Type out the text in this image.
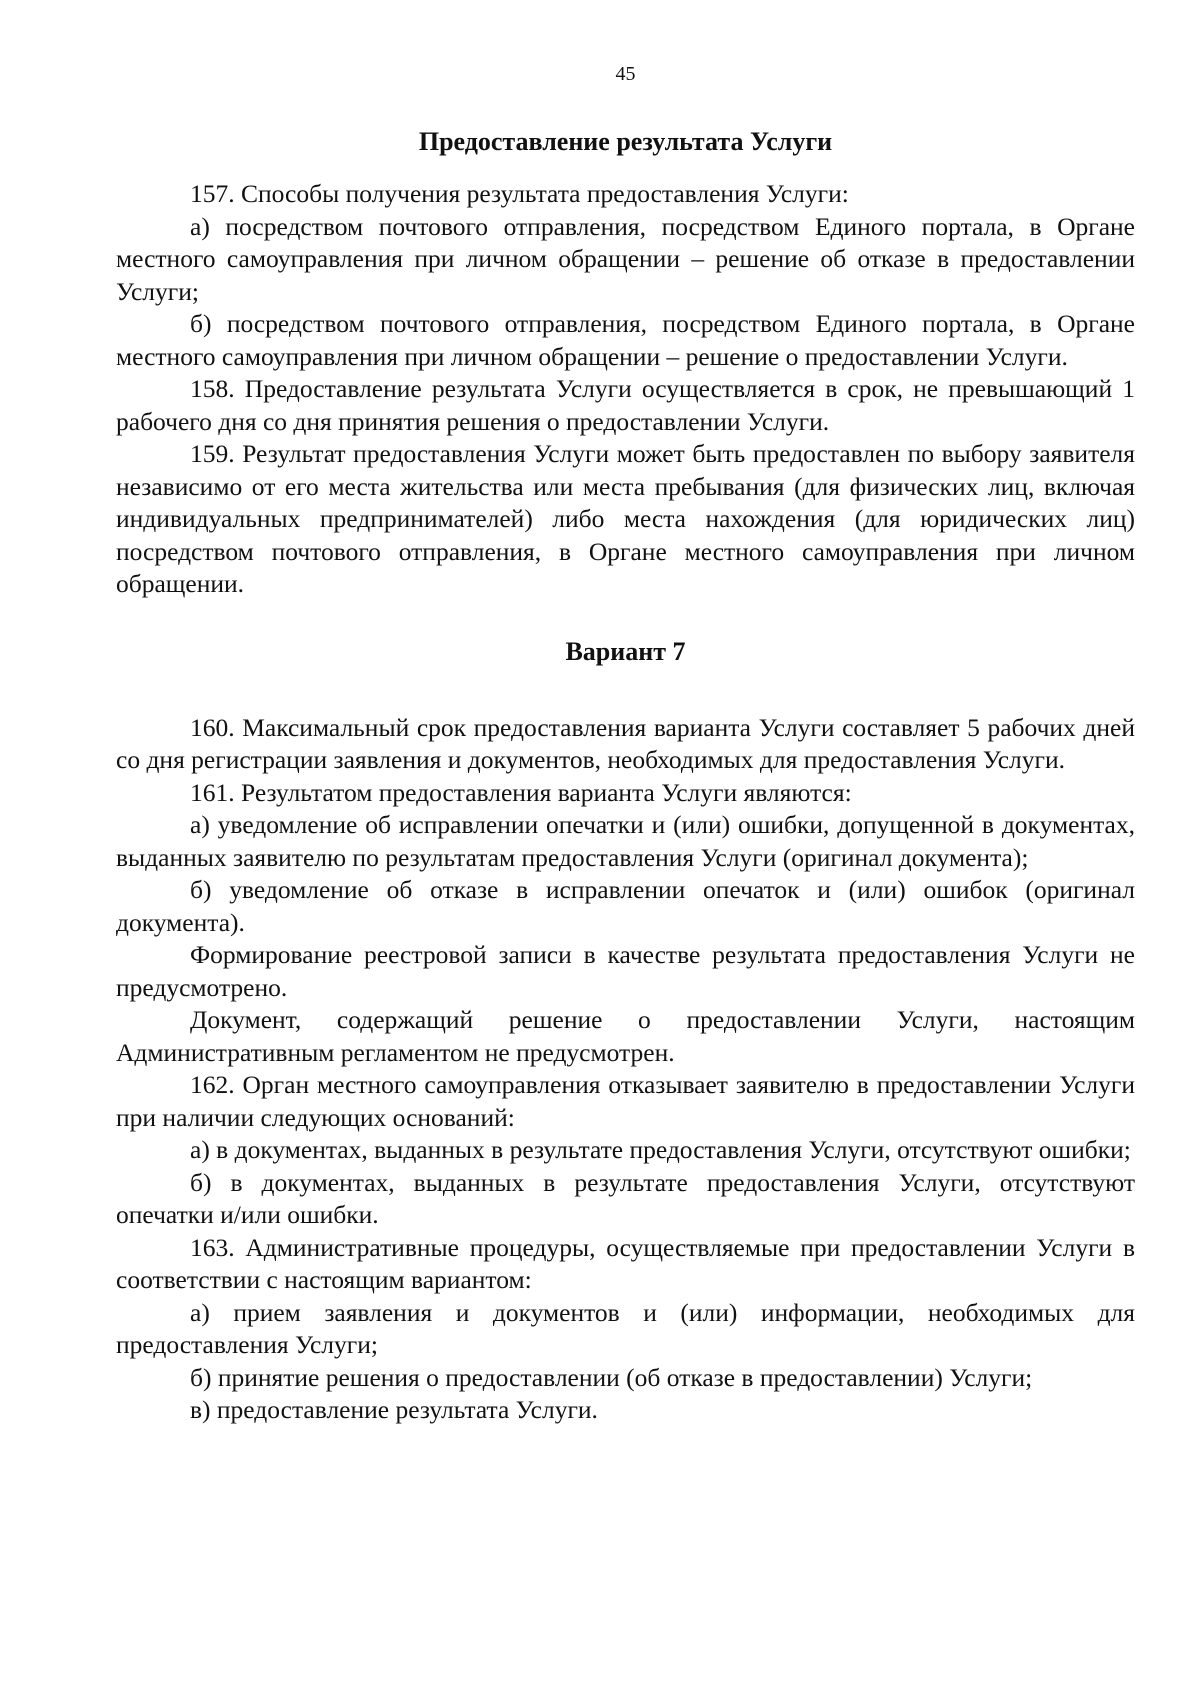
45
Предоставление результата Услуги

157. Способы получения результата предоставления Услуги:

а) посредством почтового отправления, посредством Единого портала, в Органе местного самоуправления при личном обращении – решение об отказе в предоставлении Услуги;

б) посредством почтового отправления, посредством Единого портала, в Органе местного самоуправления при личном обращении – решение о предоставлении Услуги.

158. Предоставление результата Услуги осуществляется в срок, не превышающий 1 рабочего дня со дня принятия решения о предоставлении Услуги.

159. Результат предоставления Услуги может быть предоставлен по выбору заявителя независимо от его места жительства или места пребывания (для физических лиц, включая индивидуальных предпринимателей) либо места нахождения (для юридических лиц) посредством почтового отправления, в Органе местного самоуправления при личном обращении.

Вариант 7

160. Максимальный срок предоставления варианта Услуги составляет 5 рабочих дней со дня регистрации заявления и документов, необходимых для предоставления Услуги.

161. Результатом предоставления варианта Услуги являются:

а) уведомление об исправлении опечатки и (или) ошибки, допущенной в документах, выданных заявителю по результатам предоставления Услуги (оригинал документа);

б) уведомление об отказе в исправлении опечаток и (или) ошибок (оригинал документа).

Формирование реестровой записи в качестве результата предоставления Услуги не предусмотрено.

Документ, содержащий решение о предоставлении Услуги, настоящим Административным регламентом не предусмотрен.

162. Орган местного самоуправления отказывает заявителю в предоставлении Услуги при наличии следующих оснований:

а) в документах, выданных в результате предоставления Услуги, отсутствуют ошибки;

б) в документах, выданных в результате предоставления Услуги, отсутствуют опечатки и/или ошибки.

163. Административные процедуры, осуществляемые при предоставлении Услуги в соответствии с настоящим вариантом:

а) прием заявления и документов и (или) информации, необходимых для предоставления Услуги;

б) принятие решения о предоставлении (об отказе в предоставлении) Услуги;

в) предоставление результата Услуги.
